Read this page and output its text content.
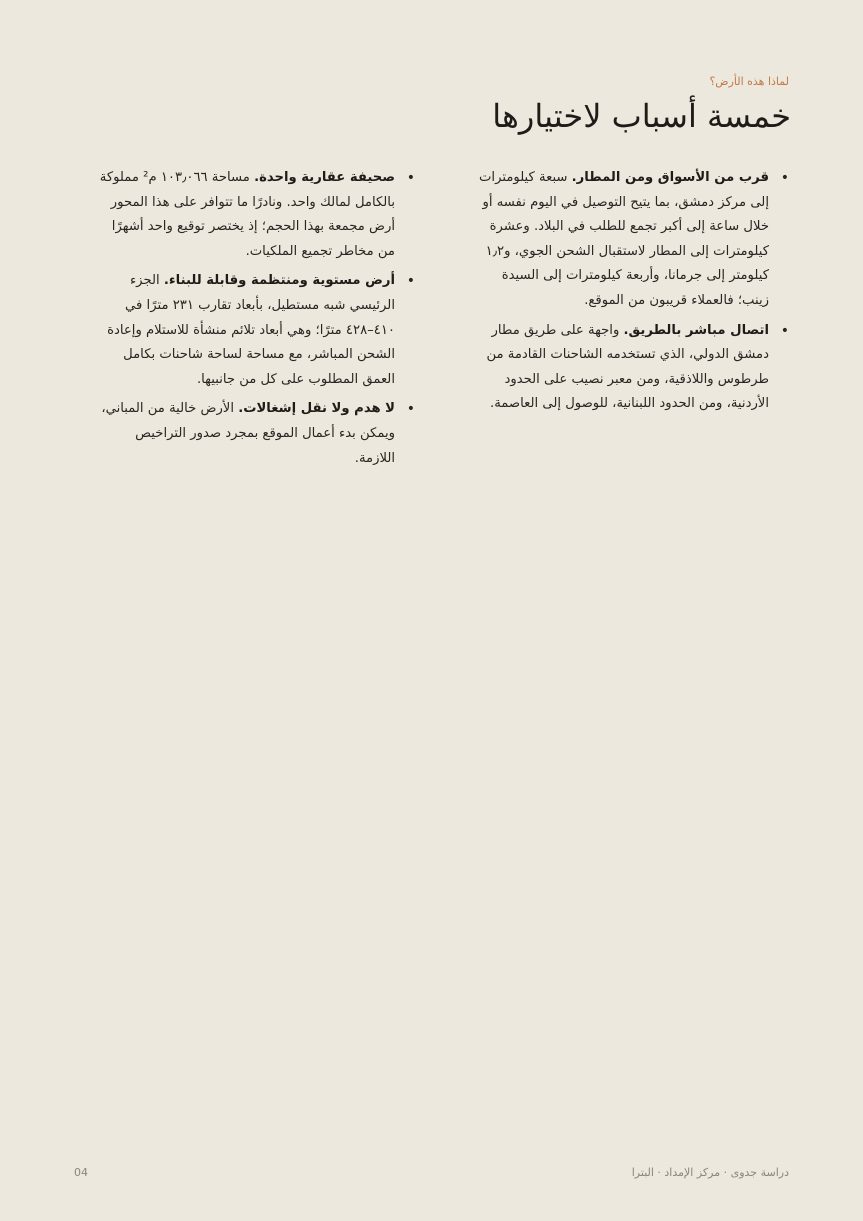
لماذا هذه الأرض؟
خمسة أسباب لاختيارها
•
قرب من الأسواق ومن المطار. سبعة كيلومترات إلى مركز دمشق، بما يتيح التوصيل في اليوم نفسه أو خلال ساعة إلى أكبر تجمع للطلب في البلاد. وعشرة كيلومترات إلى المطار لاستقبال الشحن الجوي، و١٫٢ كيلومتر إلى جرمانا، وأربعة كيلومترات إلى السيدة زينب؛ فالعملاء قريبون من الموقع.
•
اتصال مباشر بالطريق. واجهة على طريق مطار دمشق الدولي، الذي تستخدمه الشاحنات القادمة من طرطوس واللاذقية، ومن معبر نصيب على الحدود الأردنية، ومن الحدود اللبنانية، للوصول إلى العاصمة.
•
صحيفة عقارية واحدة. مساحة ١٠٣٫٠٦٦ م² مملوكة بالكامل لمالك واحد. ونادرًا ما تتوافر على هذا المحور أرض مجمعة بهذا الحجم؛ إذ يختصر توقيع واحد أشهرًا من مخاطر تجميع الملكيات.
•
أرض مستوية ومنتظمة وقابلة للبناء. الجزء الرئيسي شبه مستطيل، بأبعاد تقارب ٢٣١ مترًا في ٤١٠–٤٢٨ مترًا؛ وهي أبعاد تلائم منشأة للاستلام وإعادة الشحن المباشر، مع مساحة لساحة شاحنات بكامل العمق المطلوب على كل من جانبيها.
•
لا هدم ولا نقل إشغالات. الأرض خالية من المباني، ويمكن بدء أعمال الموقع بمجرد صدور التراخيص اللازمة.
دراسة جدوى · مركز الإمداد · البترا
04
